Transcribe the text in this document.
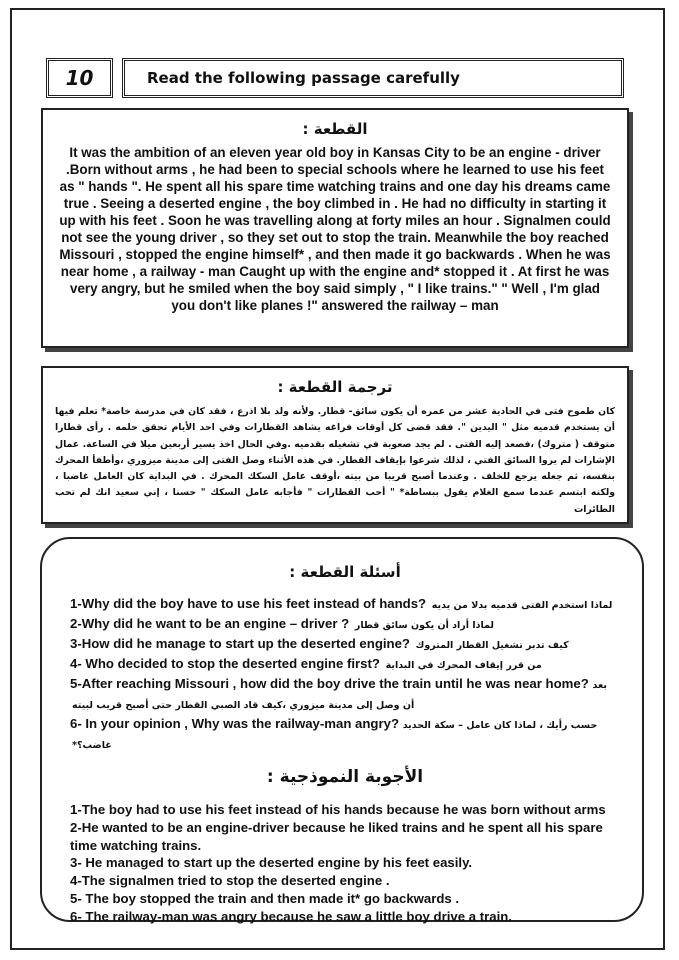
10	Read the following passage carefully

القطعة :

It was the ambition of an eleven year old boy in Kansas City to be an engine - driver .Born without arms , he had been to special schools where he learned to use his feet as " hands ". He spent all his spare time watching trains and one day his dreams came true . Seeing a deserted engine , the boy climbed in . He had no difficulty in starting it up with his feet . Soon he was travelling along at forty miles an hour . Signalmen could not see the young driver , so they set out to stop the train. Meanwhile the boy reached Missouri , stopped the engine himself* , and then made it go backwards . When he was near home , a railway - man Caught up with the engine and* stopped it . At first he was very angry, but he smiled when the boy said simply , " I like trains." " Well , I'm glad you don't like planes !" answered the railway – man

ترجمة القطعة :

كان طموح فتى في الحادية عشر من عمره أن يكون سائق- قطار. ولأنه ولد بلا اذرع ، فقد كان في مدرسة خاصة* تعلم فيها أن يستخدم قدميه مثل " اليدين ". فقد قضى كل أوقات فراغه يشاهد القطارات وفي احد الأيام تحقق حلمه . رأى قطارا متوقف ( متروك) ،فصعد إليه الفتى . لم يجد صعوبة في تشغيله بقدميه .وفي الحال اخذ يسير أربعين ميلا في الساعة. عمال الإشارات لم يروا السائق الفتي ، لذلك شرعوا بإيقاف القطار. في هذه الأثناء وصل الفتى إلى مدينة ميزوري ،وأطفأ المحرك بنفسه، ثم جعله يرجع للخلف . وعندما أصبح قريبا من بيته ،أوقف عامل السكك المحرك . في البداية كان العامل غاضبا ، ولكنه ابتسم عندما سمع الغلام يقول ببساطة* " أحب القطارات " فأجابه عامل السكك " حسنا ، إني سعيد انك لم تحب الطائرات

أسئلة القطعة :

1-Why did the boy have to use his feet instead of hands? لماذا استخدم الفتى قدميه بدلا من يديه
2-Why did he want to be an engine – driver ? لماذا أراد أن يكون سائق قطار
3-How did he manage to start up the deserted engine? كيف تدبر تشغيل القطار المتروك
4- Who decided to stop the deserted engine first? من قرر إيقاف المحرك في البداية
5-After reaching Missouri , how did the boy drive the train until he was near home? بعد أن وصل إلى مدينة ميزوري ،كيف قاد الصبي القطار حتى أصبح قريب لبيته
6- In your opinion , Why was the railway-man angry? حسب رأيك ، لماذا كان عامل – سكة الحديد غاضب؟*

الأجوبة النموذجية :

1-The boy had to use his feet instead of his hands because he was born without arms
2-He wanted to be an engine-driver because he liked trains and he spent all his spare time watching trains.
3- He managed to start up the deserted engine by his feet easily.
4-The signalmen tried to stop the deserted engine .
5- The boy stopped the train and then made it* go backwards .
6- The railway-man was angry because he saw a little boy drive a train.
